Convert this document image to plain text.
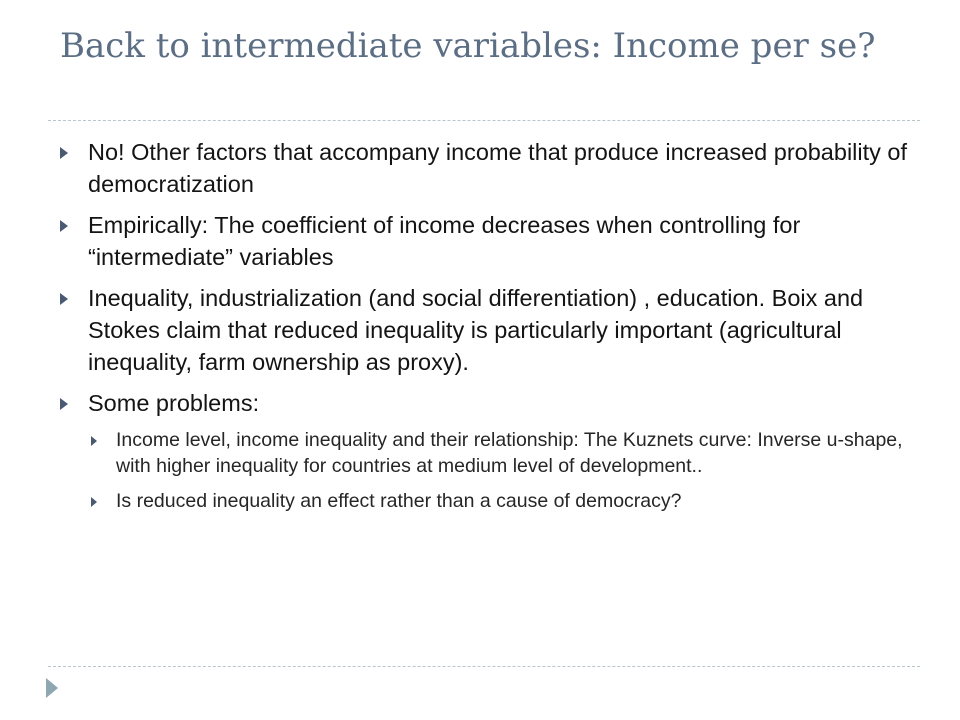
Back to intermediate variables: Income per se?
No! Other factors that accompany income that produce increased probability of democratization
Empirically: The coefficient of income decreases when controlling for “intermediate” variables
Inequality, industrialization (and social differentiation) , education. Boix and Stokes claim that reduced inequality is particularly important (agricultural inequality, farm ownership as proxy).
Some problems:
Income level, income inequality and their relationship: The Kuznets curve: Inverse u-shape, with higher inequality for countries at medium level of development..
Is reduced inequality an effect rather than a cause of democracy?
